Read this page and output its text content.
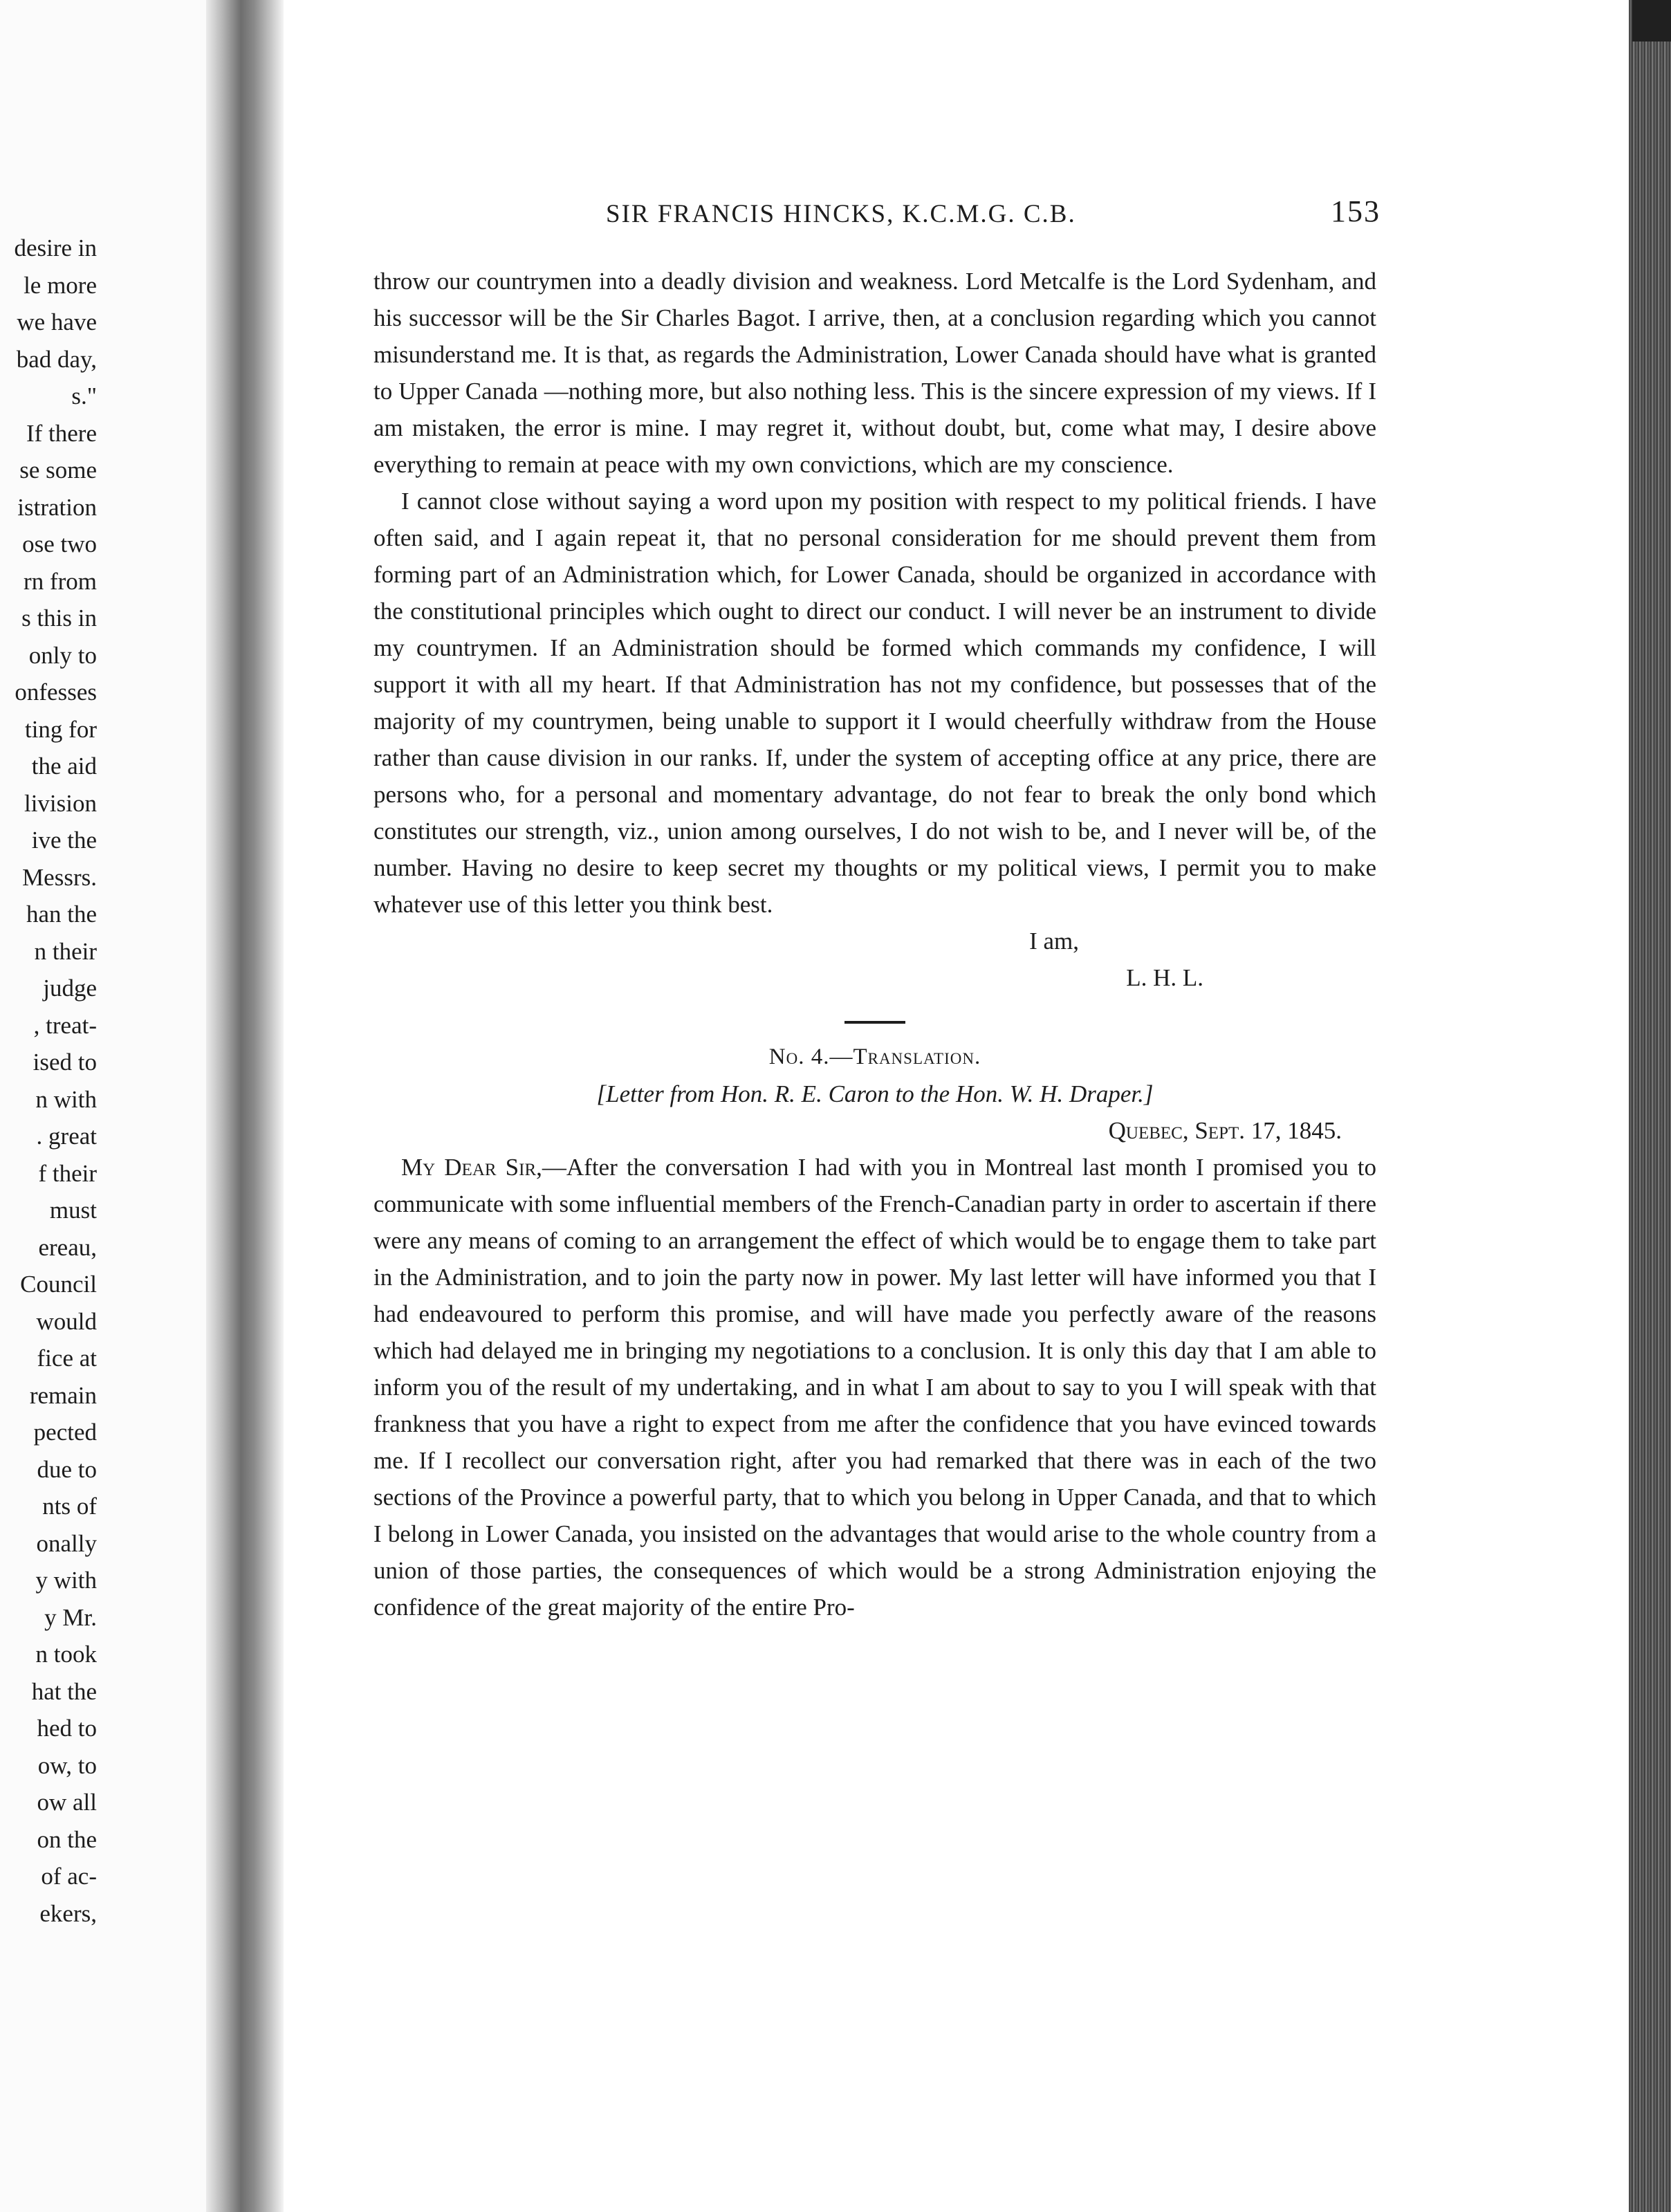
desire in
le more
we have
bad day,
s."
If there
se some
istration
ose two
rn from
s this in
only to
onfesses
ting for
the aid
livision
ive the
Messrs.
han the
n their
judge
, treat-
ised to
n with
. great
f their
must
ereau,
Council
would
fice at
remain
pected
due to
nts of
onally
y with
y Mr.
n took
hat the
hed to
ow, to
ow all
on the
of ac-
ekers,
SIR FRANCIS HINCKS, K.C.M.G. C.B.	153

throw our countrymen into a deadly division and weakness. Lord Metcalfe is the Lord Sydenham, and his successor will be the Sir Charles Bagot. I arrive, then, at a conclusion regarding which you cannot misunderstand me. It is that, as regards the Administration, Lower Canada should have what is granted to Upper Canada —nothing more, but also nothing less. This is the sincere expression of my views. If I am mistaken, the error is mine. I may regret it, without doubt, but, come what may, I desire above everything to remain at peace with my own convictions, which are my conscience.

I cannot close without saying a word upon my position with respect to my political friends. I have often said, and I again repeat it, that no personal consideration for me should prevent them from forming part of an Administration which, for Lower Canada, should be organized in accordance with the constitutional principles which ought to direct our conduct. I will never be an instrument to divide my countrymen. If an Administration should be formed which commands my confidence, I will support it with all my heart. If that Administration has not my confidence, but possesses that of the majority of my countrymen, being unable to support it I would cheerfully withdraw from the House rather than cause division in our ranks. If, under the system of accepting office at any price, there are persons who, for a personal and momentary advantage, do not fear to break the only bond which constitutes our strength, viz., union among ourselves, I do not wish to be, and I never will be, of the number. Having no desire to keep secret my thoughts or my political views, I permit you to make whatever use of this letter you think best.

I am,

L. H. L.

No. 4.—Translation.

[Letter from Hon. R. E. Caron to the Hon. W. H. Draper.]

Quebec, Sept. 17, 1845.

My Dear Sir,—After the conversation I had with you in Montreal last month I promised you to communicate with some influential members of the French-Canadian party in order to ascertain if there were any means of coming to an arrangement the effect of which would be to engage them to take part in the Administration, and to join the party now in power. My last letter will have informed you that I had endeavoured to perform this promise, and will have made you perfectly aware of the reasons which had delayed me in bringing my negotiations to a conclusion. It is only this day that I am able to inform you of the result of my undertaking, and in what I am about to say to you I will speak with that frankness that you have a right to expect from me after the confidence that you have evinced towards me. If I recollect our conversation right, after you had remarked that there was in each of the two sections of the Province a powerful party, that to which you belong in Upper Canada, and that to which I belong in Lower Canada, you insisted on the advantages that would arise to the whole country from a union of those parties, the consequences of which would be a strong Administration enjoying the confidence of the great majority of the entire Pro-
